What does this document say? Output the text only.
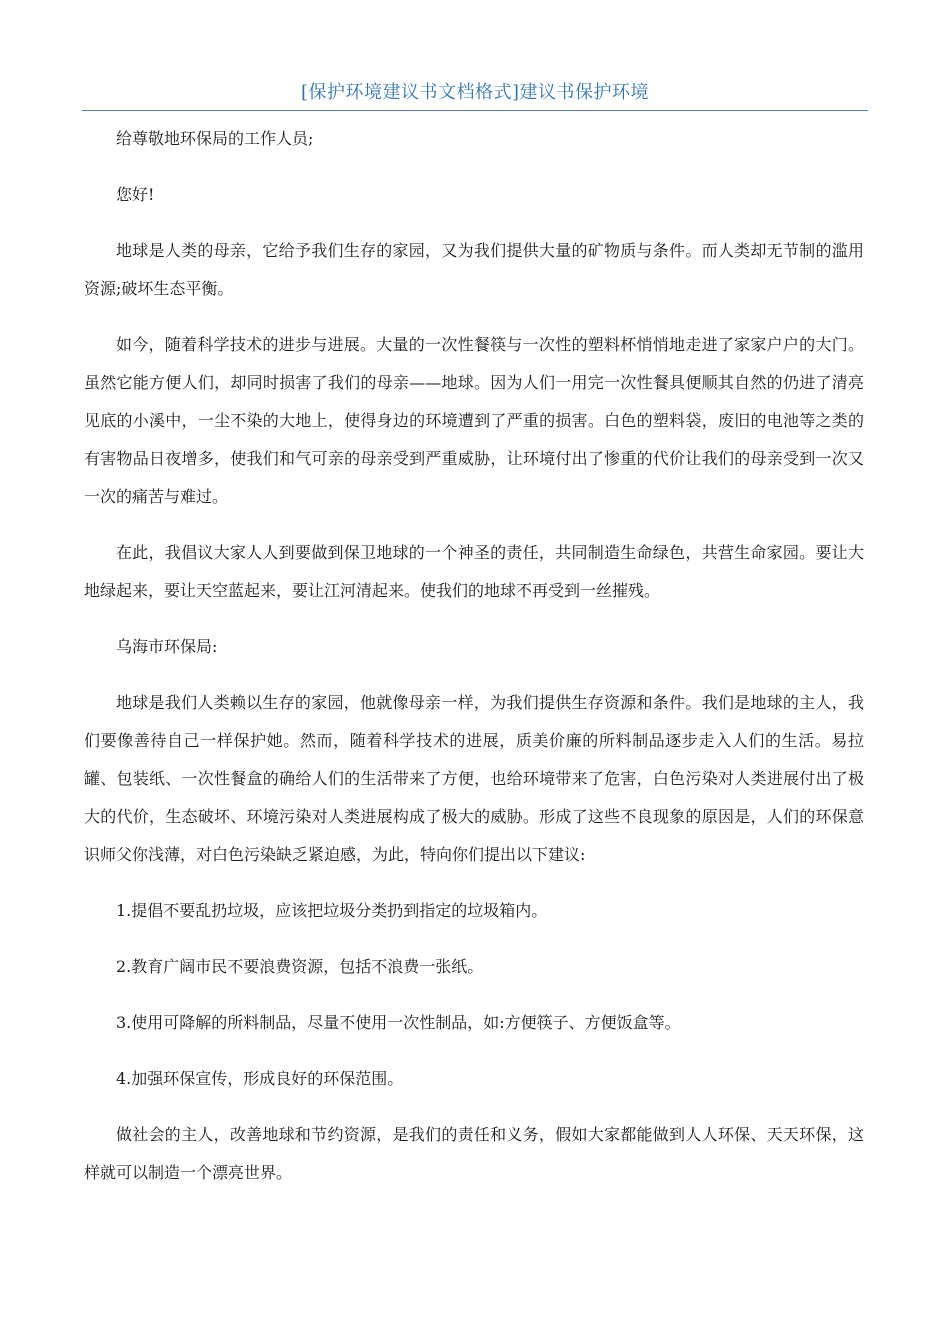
[保护环境建议书文档格式]建议书保护环境

给尊敬地环保局的工作人员;

您好!

地球是人类的母亲，它给予我们生存的家园，又为我们提供大量的矿物质与条件。而人类却无节制的滥用资源;破坏生态平衡。

如今，随着科学技术的进步与进展。大量的一次性餐筷与一次性的塑料杯悄悄地走进了家家户户的大门。虽然它能方便人们，却同时损害了我们的母亲——地球。因为人们一用完一次性餐具便顺其自然的仍进了清亮见底的小溪中，一尘不染的大地上，使得身边的环境遭到了严重的损害。白色的塑料袋，废旧的电池等之类的有害物品日夜增多，使我们和气可亲的母亲受到严重威胁，让环境付出了惨重的代价让我们的母亲受到一次又一次的痛苦与难过。

在此，我倡议大家人人到要做到保卫地球的一个神圣的责任，共同制造生命绿色，共营生命家园。要让大地绿起来，要让天空蓝起来，要让江河清起来。使我们的地球不再受到一丝摧残。

乌海市环保局:

地球是我们人类赖以生存的家园，他就像母亲一样，为我们提供生存资源和条件。我们是地球的主人，我们要像善待自己一样保护她。然而，随着科学技术的进展，质美价廉的所料制品逐步走入人们的生活。易拉罐、包装纸、一次性餐盒的确给人们的生活带来了方便，也给环境带来了危害，白色污染对人类进展付出了极大的代价，生态破坏、环境污染对人类进展构成了极大的威胁。形成了这些不良现象的原因是，人们的环保意识师父你浅薄，对白色污染缺乏紧迫感，为此，特向你们提出以下建议:

1.提倡不要乱扔垃圾，应该把垃圾分类扔到指定的垃圾箱内。

2.教育广阔市民不要浪费资源，包括不浪费一张纸。

3.使用可降解的所料制品，尽量不使用一次性制品，如:方便筷子、方便饭盒等。

4.加强环保宣传，形成良好的环保范围。

做社会的主人，改善地球和节约资源，是我们的责任和义务，假如大家都能做到人人环保、天天环保，这样就可以制造一个漂亮世界。
